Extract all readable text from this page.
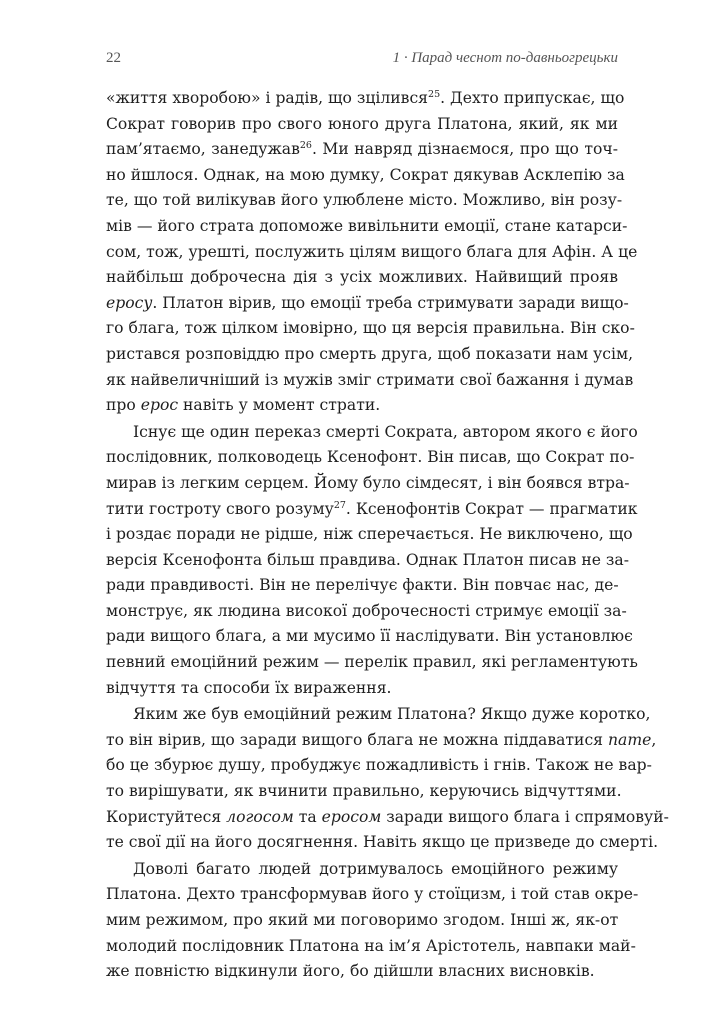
22	1 · Парад чеснот по-давньогрецьки
«життя хворобою» і радів, що зцілився$^{25}$. Дехто припускає, що
Сократ говорив про свого юного друга Платона, який, як ми
пам’ятаємо, занедужав$^{26}$. Ми навряд дізнаємося, про що точ-
но йшлося. Однак, на мою думку, Сократ дякував Асклепію за
те, що той вилікував його улюблене місто. Можливо, він розу-
мів — його страта допоможе вивільнити емоції, стане катарси-
сом, тож, урешті, послужить цілям вищого блага для Афін. А це
найбільш доброчесна дія з усіх можливих. Найвищий прояв
еросу. Платон вірив, що емоції треба стримувати заради вищо-
го блага, тож цілком імовірно, що ця версія правильна. Він ско-
ристався розповіддю про смерть друга, щоб показати нам усім,
як найвеличніший із мужів зміг стримати свої бажання і думав
про ерос навіть у момент страти.
Існує ще один переказ смерті Сократа, автором якого є його
послідовник, полководець Ксенофонт. Він писав, що Сократ по-
мирав із легким серцем. Йому було сімдесят, і він боявся втра-
тити гостроту свого розуму$^{27}$. Ксенофонтів Сократ — прагматик
і роздає поради не рідше, ніж сперечається. Не виключено, що
версія Ксенофонта більш правдива. Однак Платон писав не за-
ради правдивості. Він не перелічує факти. Він повчає нас, де-
монструє, як людина високої доброчесності стримує емоції за-
ради вищого блага, а ми мусимо її наслідувати. Він установлює
певний емоційний режим — перелік правил, які регламентують
відчуття та способи їх вираження.
Яким же був емоційний режим Платона? Якщо дуже коротко,
то він вірив, що заради вищого блага не можна піддаватися пате,
бо це збурює душу, пробуджує пожадливість і гнів. Також не вар-
то вирішувати, як вчинити правильно, керуючись відчуттями.
Користуйтеся логосом та еросом заради вищого блага і спрямовуй-
те свої дії на його досягнення. Навіть якщо це призведе до смерті.
Доволі багато людей дотримувалось емоційного режиму
Платона. Дехто трансформував його у стоїцизм, і той став окре-
мим режимом, про який ми поговоримо згодом. Інші ж, як-от
молодий послідовник Платона на ім’я Арістотель, навпаки май-
же повністю відкинули його, бо дійшли власних висновків.
